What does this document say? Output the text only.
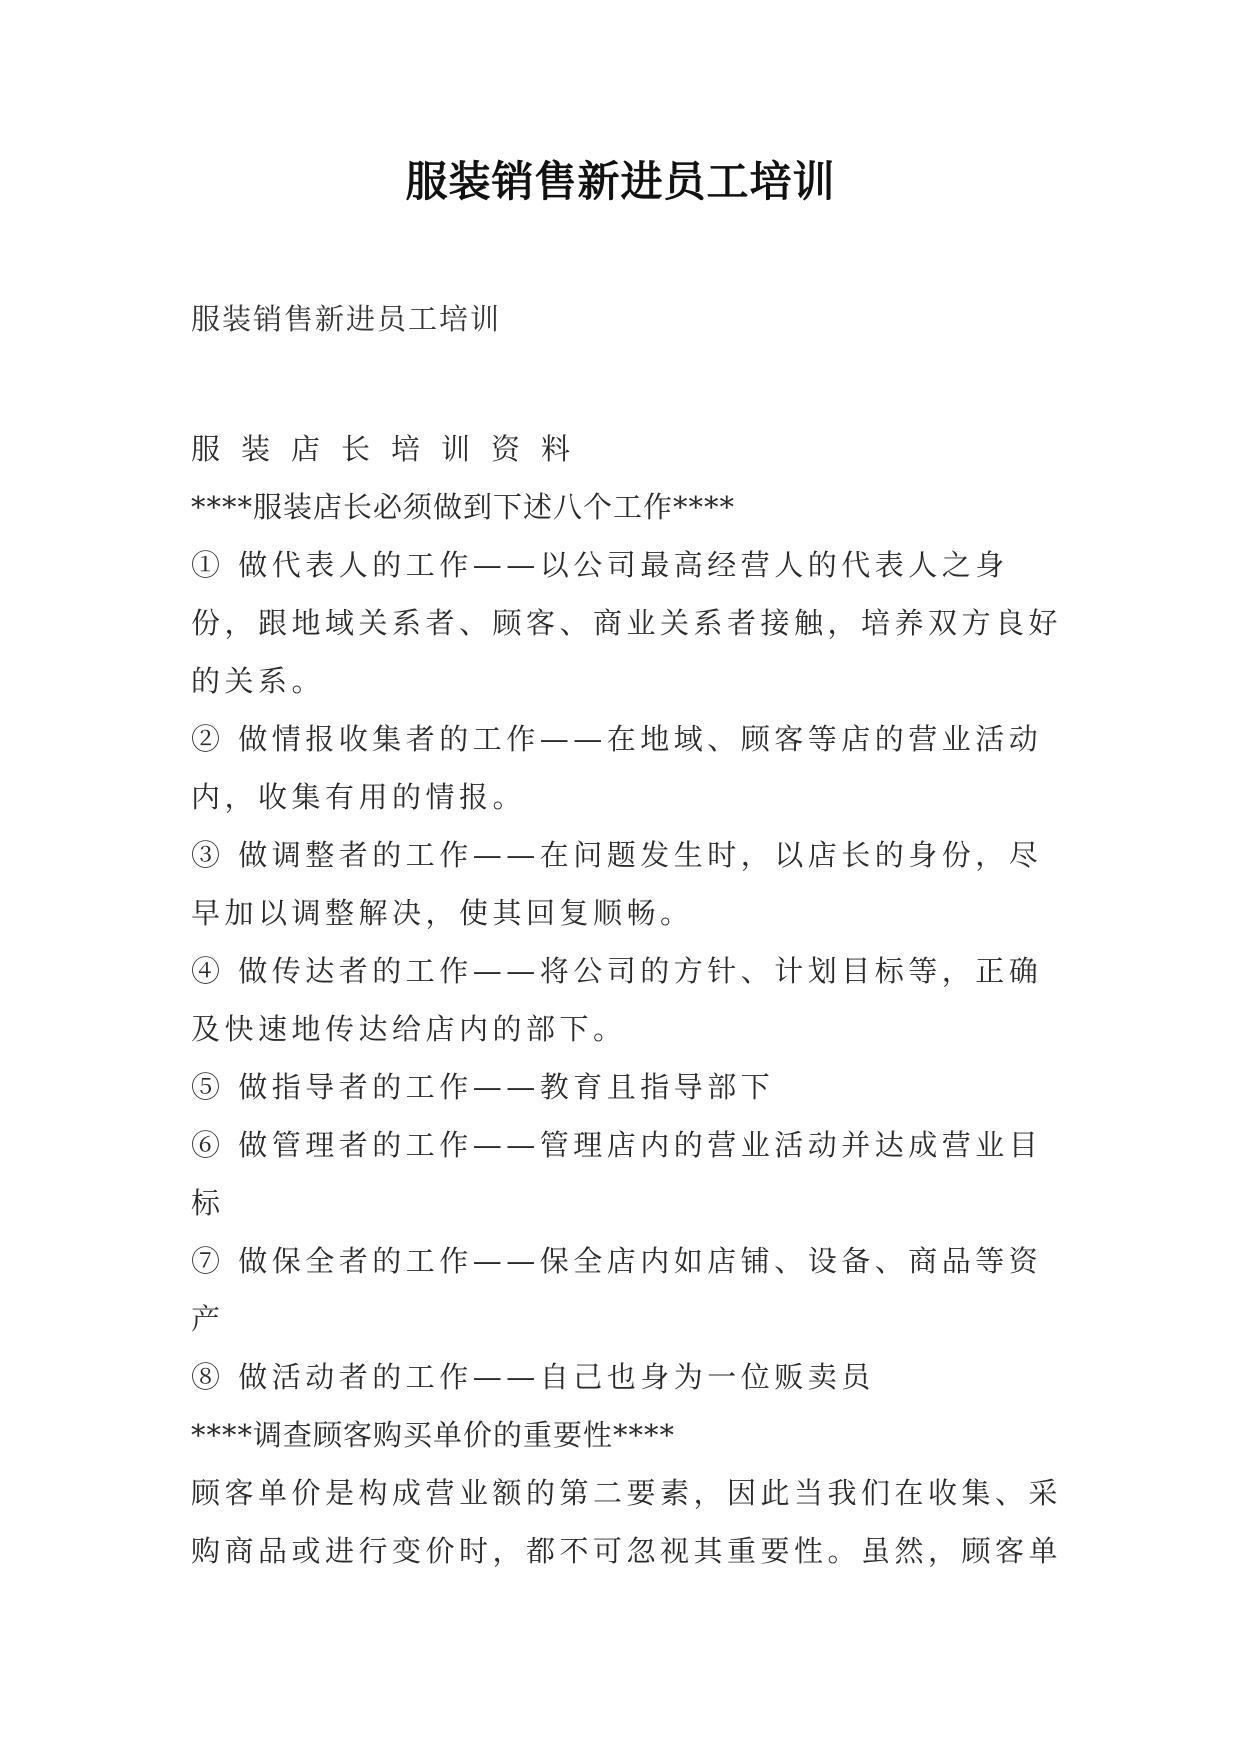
服装销售新进员工培训
服装销售新进员工培训

服装店长培训资料

****服装店长必须做到下述八个工作****

① 做代表人的工作——以公司最高经营人的代表人之身份，跟地域关系者、顾客、商业关系者接触，培养双方良好的关系。

② 做情报收集者的工作——在地域、顾客等店的营业活动内，收集有用的情报。

③ 做调整者的工作——在问题发生时，以店长的身份，尽早加以调整解决，使其回复顺畅。

④ 做传达者的工作——将公司的方针、计划目标等，正确及快速地传达给店内的部下。

⑤ 做指导者的工作——教育且指导部下

⑥ 做管理者的工作——管理店内的营业活动并达成营业目标

⑦ 做保全者的工作——保全店内如店铺、设备、商品等资产

⑧ 做活动者的工作——自己也身为一位贩卖员

****调查顾客购买单价的重要性****

顾客单价是构成营业额的第二要素，因此当我们在收集、采购商品或进行变价时，都不可忽视其重要性。虽然，顾客单
